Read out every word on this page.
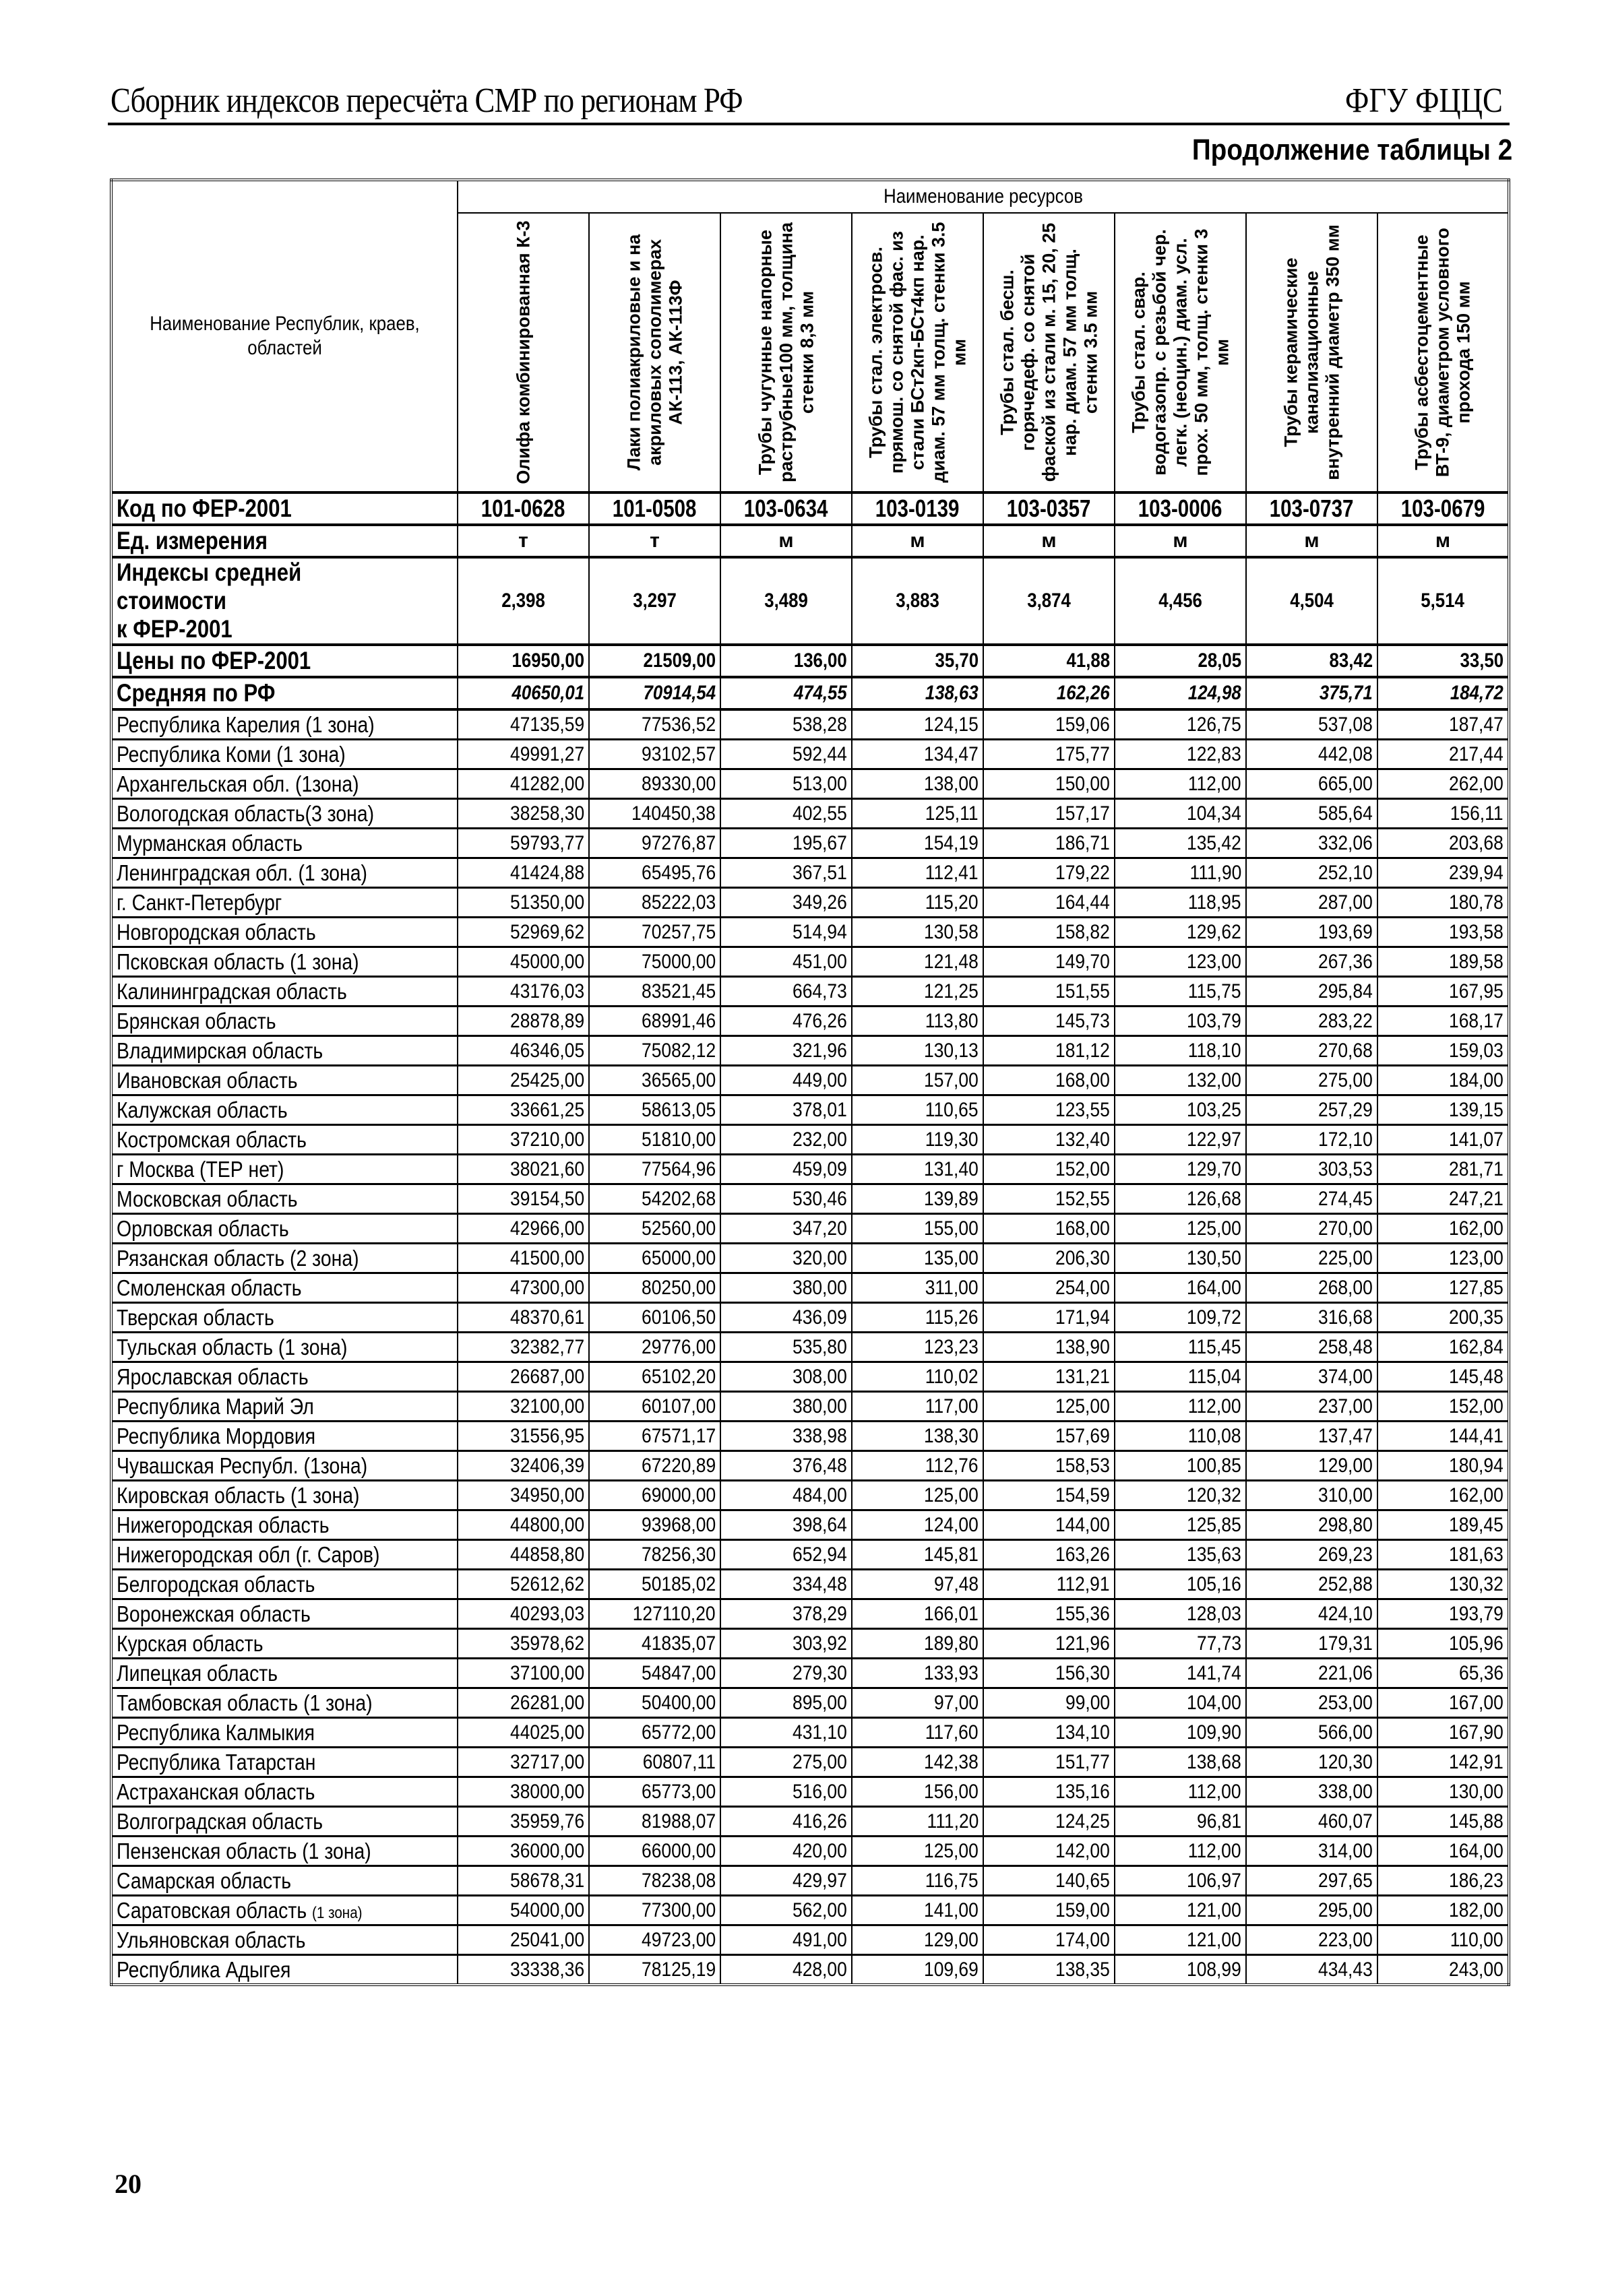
Сборник индексов пересчёта СМР по регионам РФ	ФГУ ФЦЦС
Продолжение таблицы 2
Наименование Республик, краев, областей	Наименование ресурсов							

	Олифа комбинированная К-3	Лаки полиакриловые и на акриловых сополимерах АК-113, АК-113Ф	Трубы чугунные напорные раструбные100 мм, толщина стенки 8,3 мм	Трубы стал. электросв. прямош. со снятой фас. из стали БСт2кп-БСт4кп нар. диам. 57 мм толщ. стенки 3.5 мм	Трубы стал. бесш. горячедеф. со снятой фаской из стали м. 15, 20, 25 нар. диам. 57 мм толщ. стенки 3.5 мм	Трубы стал. свар. водогазопр. с резьбой чер. легк. (неоцин.) диам. усл. прох. 50 мм, толщ. стенки 3 мм	Трубы керамические канализационные внутренний диаметр 350 мм	Трубы асбестоцементные ВТ-9, диаметром условного прохода 150 мм

Код по ФЕР-2001	101-0628	101-0508	103-0634	103-0139	103-0357	103-0006	103-0737	103-0679
Ед. измерения	т	т	м	м	м	м	м	м
Индексы средней стоимости
к ФЕР-2001	2,398	3,297	3,489	3,883	3,874	4,456	4,504	5,514
Цены по ФЕР-2001	16950,00	21509,00	136,00	35,70	41,88	28,05	83,42	33,50
Средняя по РФ	40650,01	70914,54	474,55	138,63	162,26	124,98	375,71	184,72
Республика Карелия (1 зона)	47135,59	77536,52	538,28	124,15	159,06	126,75	537,08	187,47
Республика Коми (1 зона)	49991,27	93102,57	592,44	134,47	175,77	122,83	442,08	217,44
Архангельская обл. (1зона)	41282,00	89330,00	513,00	138,00	150,00	112,00	665,00	262,00
Вологодская область(3 зона)	38258,30	140450,38	402,55	125,11	157,17	104,34	585,64	156,11
Мурманская область	59793,77	97276,87	195,67	154,19	186,71	135,42	332,06	203,68
Ленинградская обл. (1 зона)	41424,88	65495,76	367,51	112,41	179,22	111,90	252,10	239,94
г. Санкт-Петербург	51350,00	85222,03	349,26	115,20	164,44	118,95	287,00	180,78
Новгородская область	52969,62	70257,75	514,94	130,58	158,82	129,62	193,69	193,58
Псковская область (1 зона)	45000,00	75000,00	451,00	121,48	149,70	123,00	267,36	189,58
Калининградская область	43176,03	83521,45	664,73	121,25	151,55	115,75	295,84	167,95
Брянская область	28878,89	68991,46	476,26	113,80	145,73	103,79	283,22	168,17
Владимирская область	46346,05	75082,12	321,96	130,13	181,12	118,10	270,68	159,03
Ивановская область	25425,00	36565,00	449,00	157,00	168,00	132,00	275,00	184,00
Калужская область	33661,25	58613,05	378,01	110,65	123,55	103,25	257,29	139,15
Костромская область	37210,00	51810,00	232,00	119,30	132,40	122,97	172,10	141,07
г Москва (ТЕР нет)	38021,60	77564,96	459,09	131,40	152,00	129,70	303,53	281,71
Московская область	39154,50	54202,68	530,46	139,89	152,55	126,68	274,45	247,21
Орловская область	42966,00	52560,00	347,20	155,00	168,00	125,00	270,00	162,00
Рязанская область (2 зона)	41500,00	65000,00	320,00	135,00	206,30	130,50	225,00	123,00
Смоленская область	47300,00	80250,00	380,00	311,00	254,00	164,00	268,00	127,85
Тверская область	48370,61	60106,50	436,09	115,26	171,94	109,72	316,68	200,35
Тульская область (1 зона)	32382,77	29776,00	535,80	123,23	138,90	115,45	258,48	162,84
Ярославская область	26687,00	65102,20	308,00	110,02	131,21	115,04	374,00	145,48
Республика Марий Эл	32100,00	60107,00	380,00	117,00	125,00	112,00	237,00	152,00
Республика Мордовия	31556,95	67571,17	338,98	138,30	157,69	110,08	137,47	144,41
Чувашская Республ. (1зона)	32406,39	67220,89	376,48	112,76	158,53	100,85	129,00	180,94
Кировская область (1 зона)	34950,00	69000,00	484,00	125,00	154,59	120,32	310,00	162,00
Нижегородская область	44800,00	93968,00	398,64	124,00	144,00	125,85	298,80	189,45
Нижегородская обл (г. Саров)	44858,80	78256,30	652,94	145,81	163,26	135,63	269,23	181,63
Белгородская область	52612,62	50185,02	334,48	97,48	112,91	105,16	252,88	130,32
Воронежская область	40293,03	127110,20	378,29	166,01	155,36	128,03	424,10	193,79
Курская область	35978,62	41835,07	303,92	189,80	121,96	77,73	179,31	105,96
Липецкая область	37100,00	54847,00	279,30	133,93	156,30	141,74	221,06	65,36
Тамбовская область (1 зона)	26281,00	50400,00	895,00	97,00	99,00	104,00	253,00	167,00
Республика Калмыкия	44025,00	65772,00	431,10	117,60	134,10	109,90	566,00	167,90
Республика Татарстан	32717,00	60807,11	275,00	142,38	151,77	138,68	120,30	142,91
Астраханская область	38000,00	65773,00	516,00	156,00	135,16	112,00	338,00	130,00
Волгоградская область	35959,76	81988,07	416,26	111,20	124,25	96,81	460,07	145,88
Пензенская область (1 зона)	36000,00	66000,00	420,00	125,00	142,00	112,00	314,00	164,00
Самарская область	58678,31	78238,08	429,97	116,75	140,65	106,97	297,65	186,23
Саратовская область (1 зона)	54000,00	77300,00	562,00	141,00	159,00	121,00	295,00	182,00
Ульяновская область	25041,00	49723,00	491,00	129,00	174,00	121,00	223,00	110,00
Республика Адыгея	33338,36	78125,19	428,00	109,69	138,35	108,99	434,43	243,00
20
